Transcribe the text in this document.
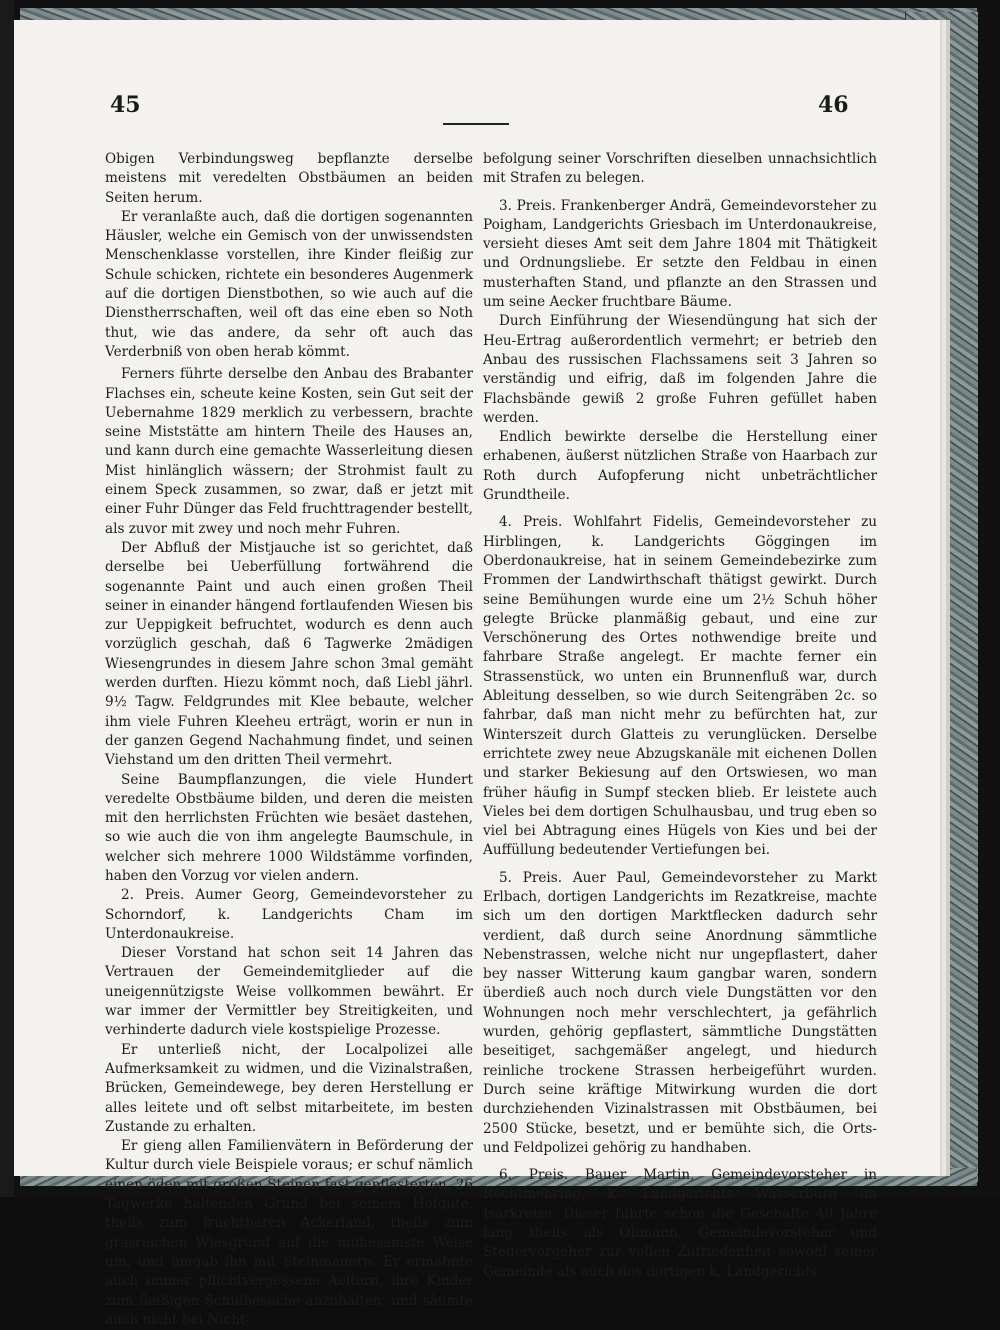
45	46

Obigen Verbindungsweg bepflanzte derselbe meistens mit veredelten Obstbäumen an beiden Seiten herum.

Er veranlaßte auch, daß die dortigen sogenannten Häusler, welche ein Gemisch von der unwissendsten Menschenklasse vorstellen, ihre Kinder fleißig zur Schule schicken, richtete ein besonderes Augenmerk auf die dortigen Dienstbothen, so wie auch auf die Dienstherrschaften, weil oft das eine eben so Noth thut, wie das andere, da sehr oft auch das Verderbniß von oben herab kömmt.

Ferners führte derselbe den Anbau des Brabanter Flachses ein, scheute keine Kosten, sein Gut seit der Uebernahme 1829 merklich zu verbessern, brachte seine Miststätte am hintern Theile des Hauses an, und kann durch eine gemachte Wasserleitung diesen Mist hinlänglich wässern; der Strohmist fault zu einem Speck zusammen, so zwar, daß er jetzt mit einer Fuhr Dünger das Feld fruchttragender bestellt, als zuvor mit zwey und noch mehr Fuhren.

Der Abfluß der Mistjauche ist so gerichtet, daß derselbe bei Ueberfüllung fortwährend die sogenannte Paint und auch einen großen Theil seiner in einander hängend fortlaufenden Wiesen bis zur Ueppigkeit befruchtet, wodurch es denn auch vorzüglich geschah, daß 6 Tagwerke 2mädigen Wiesengrundes in diesem Jahre schon 3mal gemäht werden durften. Hiezu kömmt noch, daß Liebl jährl. 9½ Tagw. Feldgrundes mit Klee bebaute, welcher ihm viele Fuhren Kleeheu erträgt, worin er nun in der ganzen Gegend Nachahmung findet, und seinen Viehstand um den dritten Theil vermehrt.

Seine Baumpflanzungen, die viele Hundert veredelte Obstbäume bilden, und deren die meisten mit den herrlichsten Früchten wie besäet dastehen, so wie auch die von ihm angelegte Baumschule, in welcher sich mehrere 1000 Wildstämme vorfinden, haben den Vorzug vor vielen andern.

2. Preis. Aumer Georg, Gemeindevorsteher zu Schorndorf, k. Landgerichts Cham im Unterdonaukreise.

Dieser Vorstand hat schon seit 14 Jahren das Vertrauen der Gemeindemitglieder auf die uneigennützigste Weise vollkommen bewährt. Er war immer der Vermittler bey Streitigkeiten, und verhinderte dadurch viele kostspielige Prozesse.

Er unterließ nicht, der Localpolizei alle Aufmerksamkeit zu widmen, und die Vizinalstraßen, Brücken, Gemeindewege, bey deren Herstellung er alles leitete und oft selbst mitarbeitete, im besten Zustande zu erhalten.

Er gieng allen Familienvätern in Beförderung der Kultur durch viele Beispiele voraus; er schuf nämlich einen öden mit großen Steinen fast gepflasterten, 26 Tagwerke haltenden Grund bei seinem Hofgute, theils zum fruchtbaren Ackerland, theils zum grasreichen Wiesgrund auf die mühesamste Weise um, und umgab ihn mit Steinmauern. Er ermahnte auch immer pflichtvergessene Aeltern, ihre Kinder zum fleißigen Schulbesuche anzuhalten, und säumte auch nicht bei Nicht-

befolgung seiner Vorschriften dieselben unnachsichtlich mit Strafen zu belegen.

3. Preis. Frankenberger Andrä, Gemeindevorsteher zu Poigham, Landgerichts Griesbach im Unterdonaukreise, versieht dieses Amt seit dem Jahre 1804 mit Thätigkeit und Ordnungsliebe. Er setzte den Feldbau in einen musterhaften Stand, und pflanzte an den Strassen und um seine Aecker fruchtbare Bäume.

Durch Einführung der Wiesendüngung hat sich der Heu-Ertrag außerordentlich vermehrt; er betrieb den Anbau des russischen Flachssamens seit 3 Jahren so verständig und eifrig, daß im folgenden Jahre die Flachsbände gewiß 2 große Fuhren gefüllet haben werden.

Endlich bewirkte derselbe die Herstellung einer erhabenen, äußerst nützlichen Straße von Haarbach zur Roth durch Aufopferung nicht unbeträchtlicher Grundtheile.

4. Preis. Wohlfahrt Fidelis, Gemeindevorsteher zu Hirblingen, k. Landgerichts Göggingen im Oberdonaukreise, hat in seinem Gemeindebezirke zum Frommen der Landwirthschaft thätigst gewirkt. Durch seine Bemühungen wurde eine um 2½ Schuh höher gelegte Brücke planmäßig gebaut, und eine zur Verschönerung des Ortes nothwendige breite und fahrbare Straße angelegt. Er machte ferner ein Strassenstück, wo unten ein Brunnenfluß war, durch Ableitung desselben, so wie durch Seitengräben 2c. so fahrbar, daß man nicht mehr zu befürchten hat, zur Winterszeit durch Glatteis zu verunglücken. Derselbe errichtete zwey neue Abzugskanäle mit eichenen Dollen und starker Bekiesung auf den Ortswiesen, wo man früher häufig in Sumpf stecken blieb. Er leistete auch Vieles bei dem dortigen Schulhausbau, und trug eben so viel bei Abtragung eines Hügels von Kies und bei der Auffüllung bedeutender Vertiefungen bei.

5. Preis. Auer Paul, Gemeindevorsteher zu Markt Erlbach, dortigen Landgerichts im Rezatkreise, machte sich um den dortigen Marktflecken dadurch sehr verdient, daß durch seine Anordnung sämmtliche Nebenstrassen, welche nicht nur ungepflastert, daher bey nasser Witterung kaum gangbar waren, sondern überdieß auch noch durch viele Dungstätten vor den Wohnungen noch mehr verschlechtert, ja gefährlich wurden, gehörig gepflastert, sämmtliche Dungstätten beseitiget, sachgemäßer angelegt, und hiedurch reinliche trockene Strassen herbeigeführt wurden. Durch seine kräftige Mitwirkung wurden die dort durchziehenden Vizinalstrassen mit Obstbäumen, bei 2500 Stücke, besetzt, und er bemühte sich, die Orts- und Feldpolizei gehörig zu handhaben.

6. Preis. Bauer Martin, Gemeindevorsteher in Rechtmehring, k. Landgerichts Wasserburg im Isarkreise. Dieser führte schon die Geschäfte 40 Jahre lang theils als Obmann, Gemeindevorsteher und Steuervorgeher zur vollen Zufriedenheit sowohl seiner Gemeinde als auch des dortigen k. Landgerichts.
